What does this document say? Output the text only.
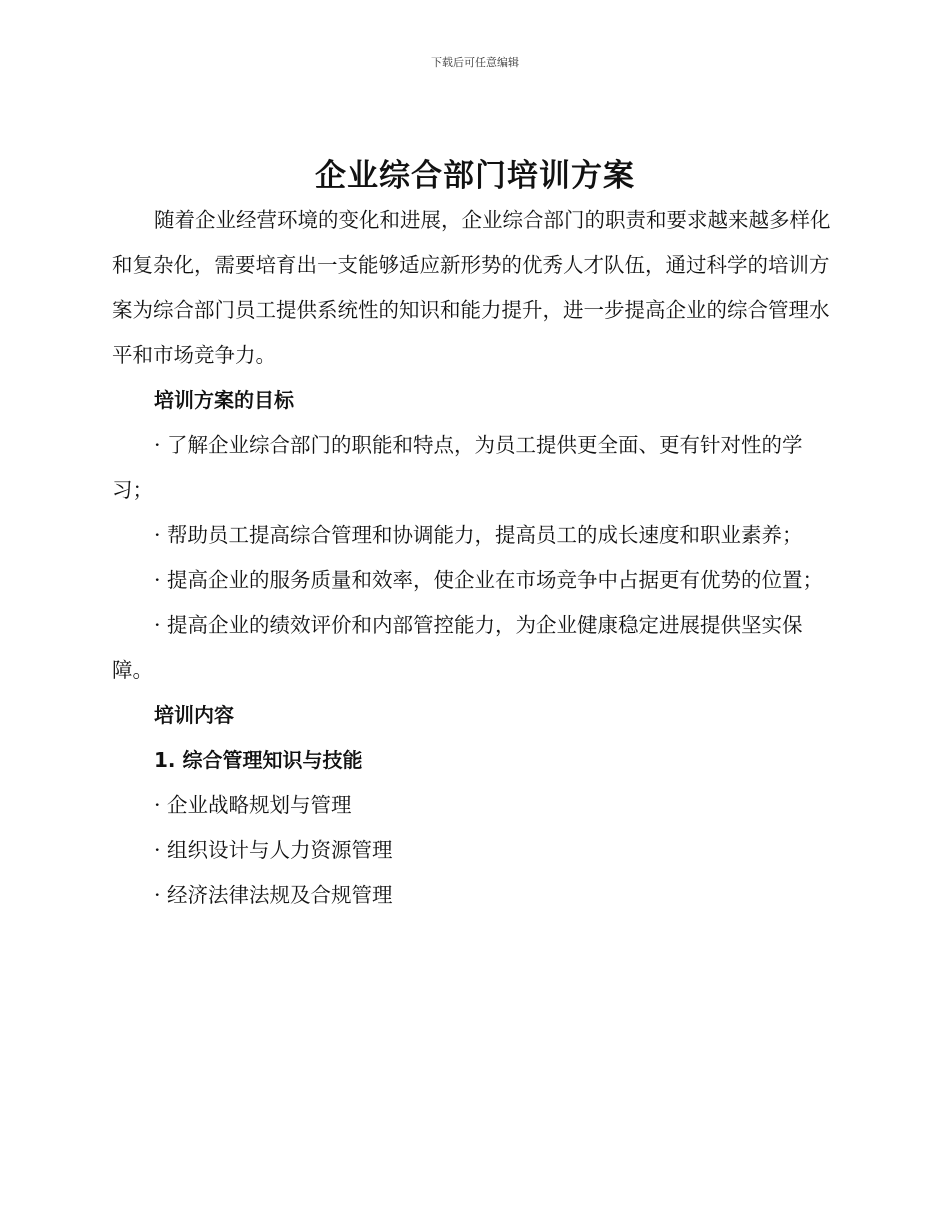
下载后可任意编辑
企业综合部门培训方案

随着企业经营环境的变化和进展，企业综合部门的职责和要求越来越多样化和复杂化，需要培育出一支能够适应新形势的优秀人才队伍，通过科学的培训方案为综合部门员工提供系统性的知识和能力提升，进一步提高企业的综合管理水平和市场竞争力。

培训方案的目标

· 了解企业综合部门的职能和特点，为员工提供更全面、更有针对性的学习；

· 帮助员工提高综合管理和协调能力，提高员工的成长速度和职业素养；

· 提高企业的服务质量和效率，使企业在市场竞争中占据更有优势的位置；

· 提高企业的绩效评价和内部管控能力，为企业健康稳定进展提供坚实保障。

培训内容

1. 综合管理知识与技能

· 企业战略规划与管理

· 组织设计与人力资源管理

· 经济法律法规及合规管理
